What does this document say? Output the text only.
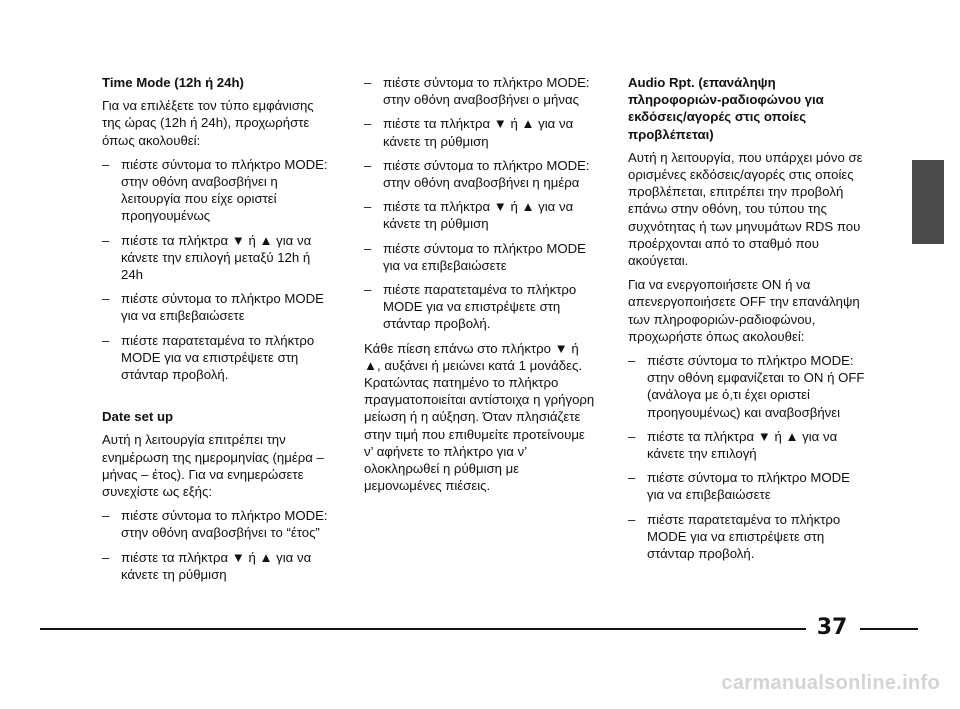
Time Mode (12h ή 24h)
Για να επιλέξετε τον τύπο εμφάνισης της ώρας (12h ή 24h), προχωρήστε όπως ακολουθεί:
– πιέστε σύντομα το πλήκτρο MODE: στην οθόνη αναβοσβήνει η λειτουργία που είχε οριστεί προηγουμένως
– πιέστε τα πλήκτρα ▼ ή ▲ για να κάνετε την επιλογή μεταξύ 12h ή 24h
– πιέστε σύντομα το πλήκτρο MODE για να επιβεβαιώσετε
– πιέστε παρατεταμένα το πλήκτρο MODE για να επιστρέψετε στη στάνταρ προβολή.
Date set up
Αυτή η λειτουργία επιτρέπει την ενημέρωση της ημερομηνίας (ημέρα – μήνας – έτος). Για να ενημερώσετε συνεχίστε ως εξής:
– πιέστε σύντομα το πλήκτρο MODE: στην οθόνη αναβοσβήνει το “έτος”
– πιέστε τα πλήκτρα ▼ ή ▲ για να κάνετε τη ρύθμιση
– πιέστε σύντομα το πλήκτρο MODE: στην οθόνη αναβοσβήνει ο μήνας
– πιέστε τα πλήκτρα ▼ ή ▲ για να κάνετε τη ρύθμιση
– πιέστε σύντομα το πλήκτρο MODE: στην οθόνη αναβοσβήνει η ημέρα
– πιέστε τα πλήκτρα ▼ ή ▲ για να κάνετε τη ρύθμιση
– πιέστε σύντομα το πλήκτρο MODE για να επιβεβαιώσετε
– πιέστε παρατεταμένα το πλήκτρο MODE για να επιστρέψετε στη στάνταρ προβολή.
Κάθε πίεση επάνω στο πλήκτρο ▼ ή ▲, αυξάνει ή μειώνει κατά 1 μονάδες. Κρατώντας πατημένο το πλήκτρο πραγματοποιείται αντίστοιχα η γρήγορη μείωση ή η αύξηση. Όταν πλησιάζετε στην τιμή που επιθυμείτε προτείνουμε ν’ αφήνετε το πλήκτρο για ν’ ολοκληρωθεί η ρύθμιση με μεμονωμένες πιέσεις.
Audio Rpt. (επανάληψη πληροφοριών-ραδιοφώνου για εκδόσεις/αγορές στις οποίες προβλέπεται)
Αυτή η λειτουργία, που υπάρχει μόνο σε ορισμένες εκδόσεις/αγορές στις οποίες προβλέπεται, επιτρέπει την προβολή επάνω στην οθόνη, του τύπου της συχνότητας ή των μηνυμάτων RDS που προέρχονται από το σταθμό που ακούγεται.
Για να ενεργοποιήσετε ON ή να απενεργοποιήσετε OFF την επανάληψη των πληροφοριών-ραδιοφώνου, προχωρήστε όπως ακολουθεί:
– πιέστε σύντομα το πλήκτρο MODE: στην οθόνη εμφανίζεται το ON ή OFF (ανάλογα με ό,τι έχει οριστεί προηγουμένως) και αναβοσβήνει
– πιέστε τα πλήκτρα ▼ ή ▲ για να κάνετε την επιλογή
– πιέστε σύντομα το πλήκτρο MODE για να επιβεβαιώσετε
– πιέστε παρατεταμένα το πλήκτρο MODE για να επιστρέψετε στη στάνταρ προβολή.
37
carmanualsonline.info
